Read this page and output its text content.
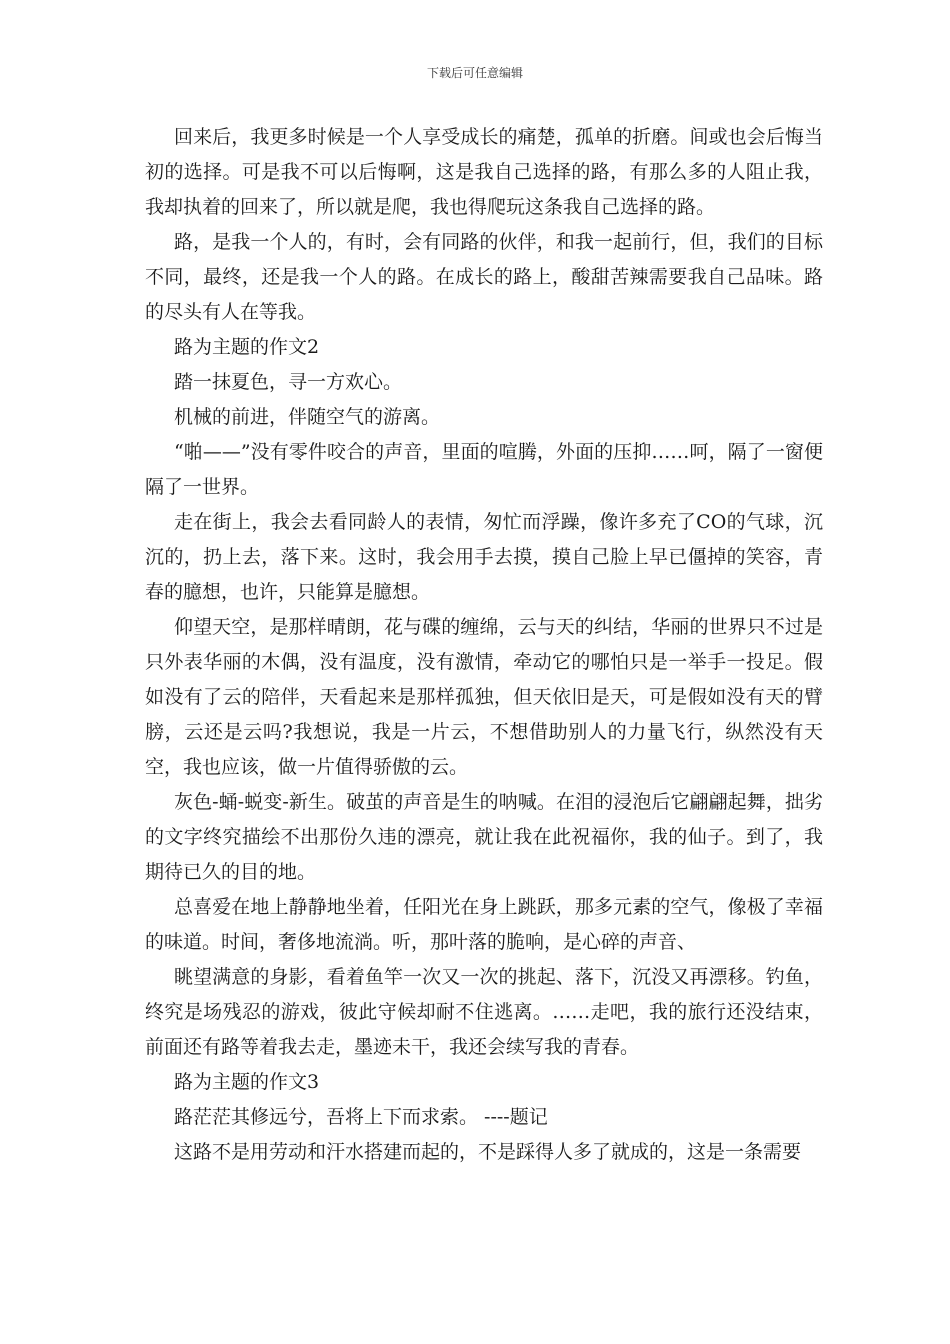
下载后可任意编辑

回来后，我更多时候是一个人享受成长的痛楚，孤单的折磨。间或也会后悔当初的选择。可是我不可以后悔啊，这是我自己选择的路，有那么多的人阻止我，我却执着的回来了，所以就是爬，我也得爬玩这条我自己选择的路。

路，是我一个人的，有时，会有同路的伙伴，和我一起前行，但，我们的目标不同，最终，还是我一个人的路。在成长的路上，酸甜苦辣需要我自己品味。路的尽头有人在等我。

路为主题的作文2

踏一抹夏色，寻一方欢心。

机械的前进，伴随空气的游离。

“啪——”没有零件咬合的声音，里面的喧腾，外面的压抑……呵，隔了一窗便隔了一世界。

走在街上，我会去看同龄人的表情，匆忙而浮躁，像许多充了CO的气球，沉沉的，扔上去，落下来。这时，我会用手去摸，摸自己脸上早已僵掉的笑容，青春的臆想，也许，只能算是臆想。

仰望天空，是那样晴朗，花与碟的缠绵，云与天的纠结，华丽的世界只不过是只外表华丽的木偶，没有温度，没有激情，牵动它的哪怕只是一举手一投足。假如没有了云的陪伴，天看起来是那样孤独，但天依旧是天，可是假如没有天的臂膀，云还是云吗?我想说，我是一片云，不想借助别人的力量飞行，纵然没有天空，我也应该，做一片值得骄傲的云。

灰色-蛹-蜕变-新生。破茧的声音是生的呐喊。在泪的浸泡后它翩翩起舞，拙劣的文字终究描绘不出那份久违的漂亮，就让我在此祝福你，我的仙子。到了，我期待已久的目的地。

总喜爱在地上静静地坐着，任阳光在身上跳跃，那多元素的空气，像极了幸福的味道。时间，奢侈地流淌。听，那叶落的脆响，是心碎的声音、

眺望满意的身影，看着鱼竿一次又一次的挑起、落下，沉没又再漂移。钓鱼，终究是场残忍的游戏，彼此守候却耐不住逃离。……走吧，我的旅行还没结束，前面还有路等着我去走，墨迹未干，我还会续写我的青春。

路为主题的作文3

路茫茫其修远兮，吾将上下而求索。 ----题记

这路不是用劳动和汗水搭建而起的，不是踩得人多了就成的，这是一条需要
